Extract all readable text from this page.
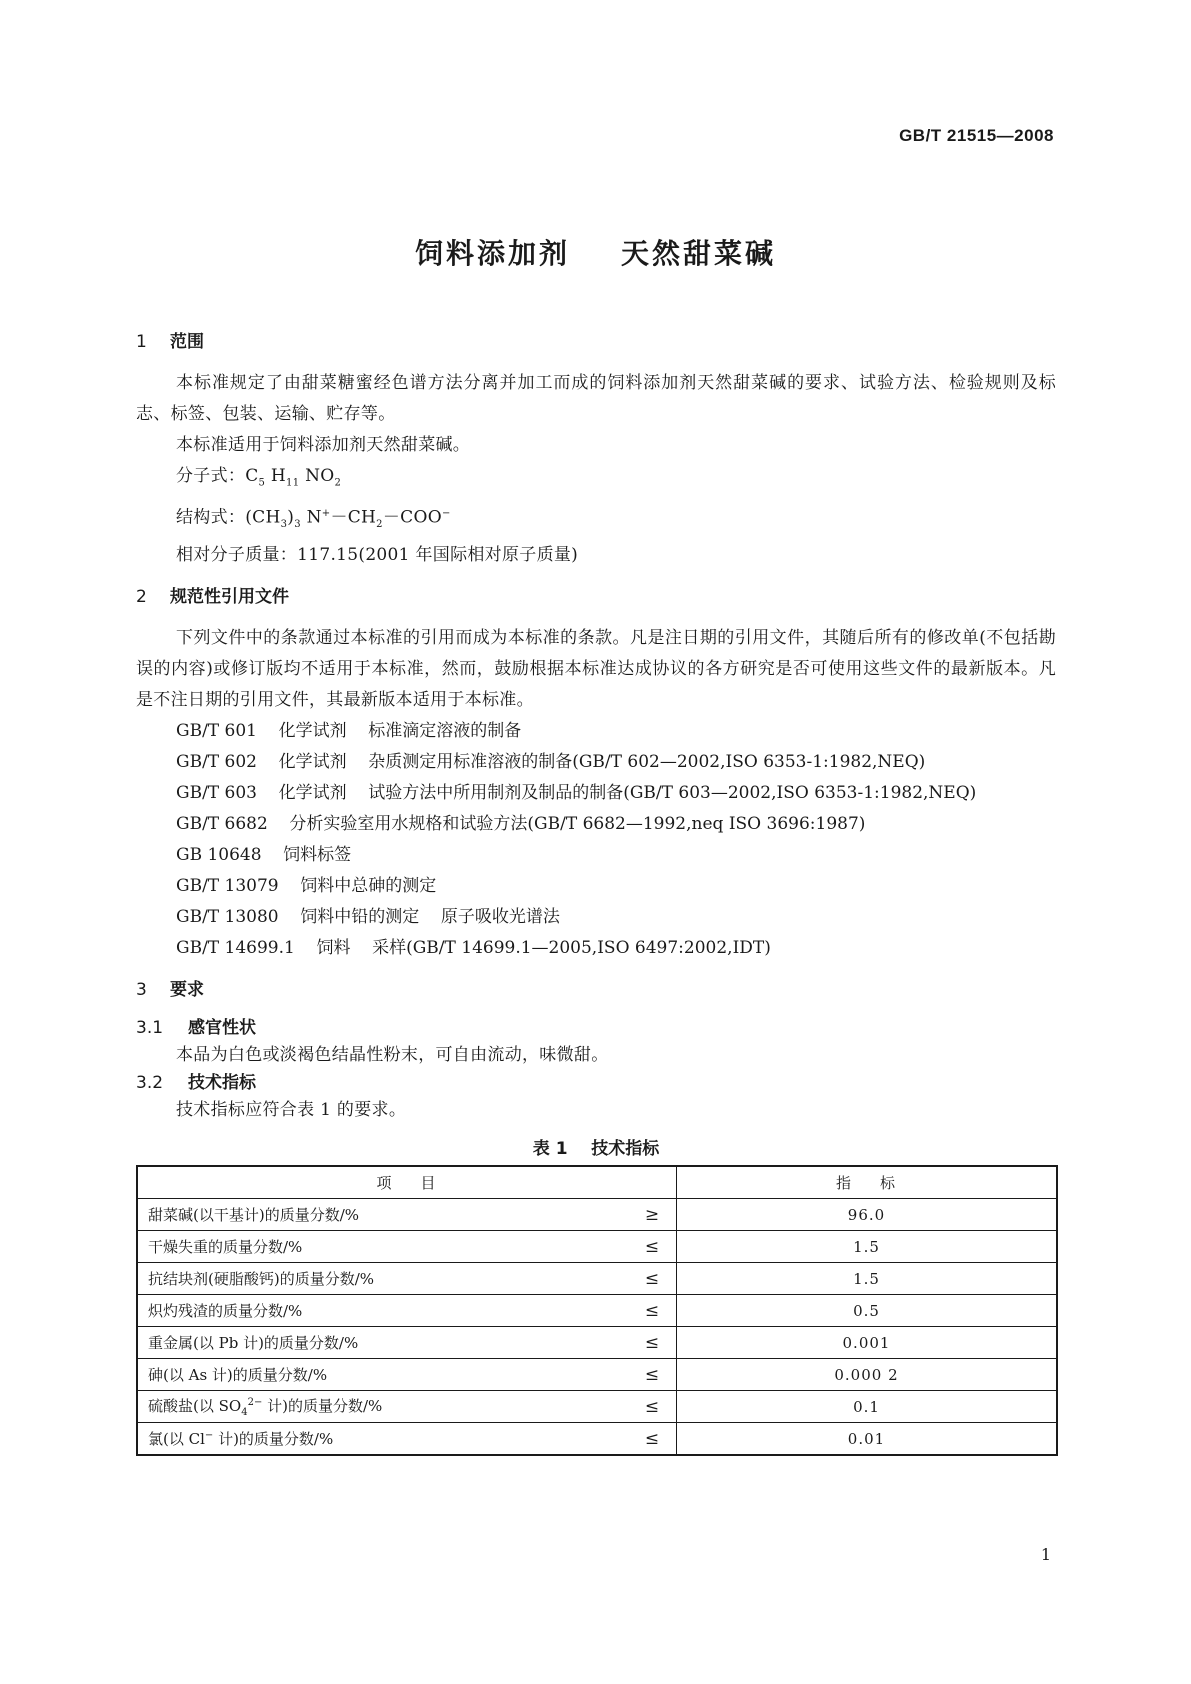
GB/T 21515—2008
饲料添加剂    天然甜菜碱

1 范围

本标准规定了由甜菜糖蜜经色谱方法分离并加工而成的饲料添加剂天然甜菜碱的要求、试验方法、检验规则及标志、标签、包装、运输、贮存等。

本标准适用于饲料添加剂天然甜菜碱。

分子式：$C_5$ $H_{11}$ $NO_2$

结构式：$(CH_3)_3$ $N^+-CH_2-COO^-$

相对分子质量：117.15(2001 年国际相对原子质量)

2 规范性引用文件

下列文件中的条款通过本标准的引用而成为本标准的条款。凡是注日期的引用文件，其随后所有的修改单(不包括勘误的内容)或修订版均不适用于本标准，然而，鼓励根据本标准达成协议的各方研究是否可使用这些文件的最新版本。凡是不注日期的引用文件，其最新版本适用于本标准。

GB/T 601    化学试剂    标准滴定溶液的制备

GB/T 602    化学试剂    杂质测定用标准溶液的制备(GB/T 602—2002,ISO 6353-1:1982,NEQ)

GB/T 603    化学试剂    试验方法中所用制剂及制品的制备(GB/T 603—2002,ISO 6353-1:1982,NEQ)

GB/T 6682    分析实验室用水规格和试验方法(GB/T 6682—1992,neq ISO 3696:1987)

GB 10648    饲料标签

GB/T 13079    饲料中总砷的测定

GB/T 13080    饲料中铅的测定    原子吸收光谱法

GB/T 14699.1    饲料    采样(GB/T 14699.1—2005,ISO 6497:2002,IDT)

3 要求

3.1 感官性状

本品为白色或淡褐色结晶性粉末，可自由流动，味微甜。

3.2 技术指标

技术指标应符合表 1 的要求。

表 1    技术指标
项    目		指    标
甜菜碱(以干基计)的质量分数/%	≥	96.0
干燥失重的质量分数/%	≤	1.5
抗结块剂(硬脂酸钙)的质量分数/%	≤	1.5
炽灼残渣的质量分数/%	≤	0.5
重金属(以 Pb 计)的质量分数/%	≤	0.001
砷(以 As 计)的质量分数/%	≤	0.000 2
硫酸盐(以 $SO_4^{2-}$ 计)的质量分数/%	≤	0.1
氯(以 Cl− 计)的质量分数/%	≤	0.01
1
